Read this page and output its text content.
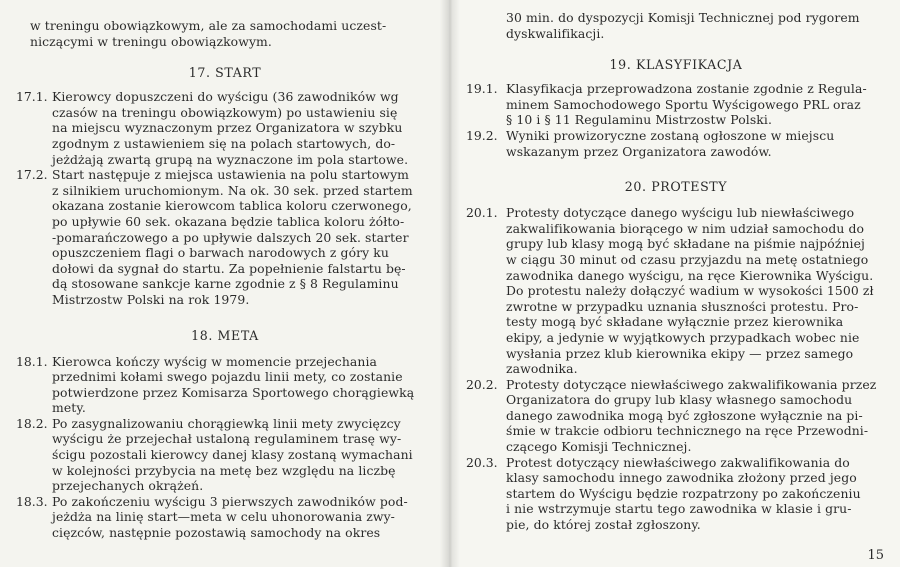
w treningu obowiązkowym, ale za samochodami uczest-
niczącymi w treningu obowiązkowym.
17. START
17.1. Kierowcy dopuszczeni do wyścigu (36 zawodników wg
czasów na treningu obowiązkowym) po ustawieniu się
na miejscu wyznaczonym przez Organizatora w szybku
zgodnym z ustawieniem się na polach startowych, do-
jeżdżają zwartą grupą na wyznaczone im pola startowe.
17.2. Start następuje z miejsca ustawienia na polu startowym
z silnikiem uruchomionym. Na ok. 30 sek. przed startem
okazana zostanie kierowcom tablica koloru czerwonego,
po upływie 60 sek. okazana będzie tablica koloru żółto-
-pomarańczowego a po upływie dalszych 20 sek. starter
opuszczeniem flagi o barwach narodowych z góry ku
dołowi da sygnał do startu. Za popełnienie falstartu bę-
dą stosowane sankcje karne zgodnie z § 8 Regulaminu
Mistrzostw Polski na rok 1979.
18. META
18.1. Kierowca kończy wyścig w momencie przejechania
przednimi kołami swego pojazdu linii mety, co zostanie
potwierdzone przez Komisarza Sportowego chorągiewką
mety.
18.2. Po zasygnalizowaniu chorągiewką linii mety zwycięzcy
wyścigu że przejechał ustaloną regulaminem trasę wy-
ścigu pozostali kierowcy danej klasy zostaną wymachani
w kolejności przybycia na metę bez względu na liczbę
przejechanych okrążeń.
18.3. Po zakończeniu wyścigu 3 pierwszych zawodników pod-
jeżdża na linię start—meta w celu uhonorowania zwy-
cięzców, następnie pozostawią samochody na okres
30 min. do dyspozycji Komisji Technicznej pod rygorem
dyskwalifikacji.
19. KLASYFIKACJA
19.1. Klasyfikacja przeprowadzona zostanie zgodnie z Regula-
minem Samochodowego Sportu Wyścigowego PRL oraz
§ 10 i § 11 Regulaminu Mistrzostw Polski.
19.2. Wyniki prowizoryczne zostaną ogłoszone w miejscu
wskazanym przez Organizatora zawodów.
20. PROTESTY
20.1. Protesty dotyczące danego wyścigu lub niewłaściwego
zakwalifikowania biorącego w nim udział samochodu do
grupy lub klasy mogą być składane na piśmie najpóźniej
w ciągu 30 minut od czasu przyjazdu na metę ostatniego
zawodnika danego wyścigu, na ręce Kierownika Wyścigu.
Do protestu należy dołączyć wadium w wysokości 1500 zł
zwrotne w przypadku uznania słuszności protestu. Pro-
testy mogą być składane wyłącznie przez kierownika
ekipy, a jedynie w wyjątkowych przypadkach wobec nie
wysłania przez klub kierownika ekipy — przez samego
zawodnika.
20.2. Protesty dotyczące niewłaściwego zakwalifikowania przez
Organizatora do grupy lub klasy własnego samochodu
danego zawodnika mogą być zgłoszone wyłącznie na pi-
śmie w trakcie odbioru technicznego na ręce Przewodni-
czącego Komisji Technicznej.
20.3. Protest dotyczący niewłaściwego zakwalifikowania do
klasy samochodu innego zawodnika złożony przed jego
startem do Wyścigu będzie rozpatrzony po zakończeniu
i nie wstrzymuje startu tego zawodnika w klasie i gru-
pie, do której został zgłoszony.
15
